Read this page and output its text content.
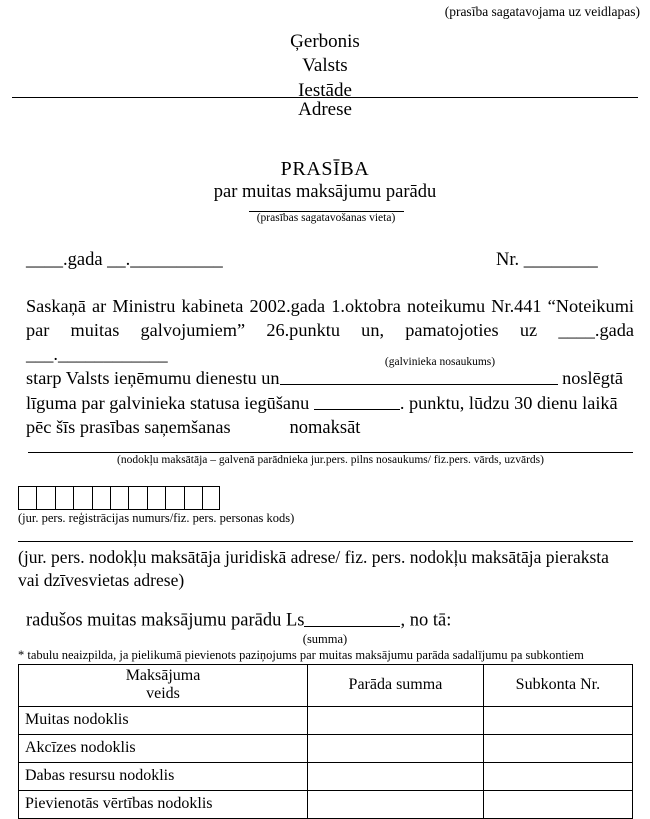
(prasība sagatavojama uz veidlapas)
Ģerbonis
Valsts
Iestāde
Adrese
PRASĪBA
par muitas maksājumu parādu
(prasības sagatavošanas vieta)
____.gada __.__________	Nr. ________

Saskaņā ar Ministru kabineta 2002.gada 1.oktobra noteikumu Nr.441 “Noteikumi par muitas galvojumiem” 26.punktu un, pamatojoties uz ____.gada ___.____________

starp Valsts ieņēmumu dienestu un	noslēgtā

līguma par galvinieka statusa iegūšanu	. punktu, lūdzu 30 dienu laikā

pēc šīs prasības saņemšanas

(galvinieka nosaukums)
nomaksāt
(nodokļu maksātāja – galvenā parādnieka jur.pers. pilns nosaukums/ fiz.pers. vārds, uzvārds)
(jur. pers. reģistrācijas numurs/fiz. pers. personas kods)
(jur. pers. nodokļu maksātāja juridiskā adrese/ fiz. pers. nodokļu maksātāja pieraksta vai dzīvesvietas adrese)
radušos muitas maksājumu parādu Ls	, no tā:
(summa)
* tabulu neaizpilda, ja pielikumā pievienots paziņojums par muitas maksājumu parāda sadalījumu pa subkontiem
Maksājuma
veids	Parāda summa	Subkonta Nr.
Muitas nodoklis		
Akcīzes nodoklis		
Dabas resursu nodoklis		
Pievienotās vērtības nodoklis		
